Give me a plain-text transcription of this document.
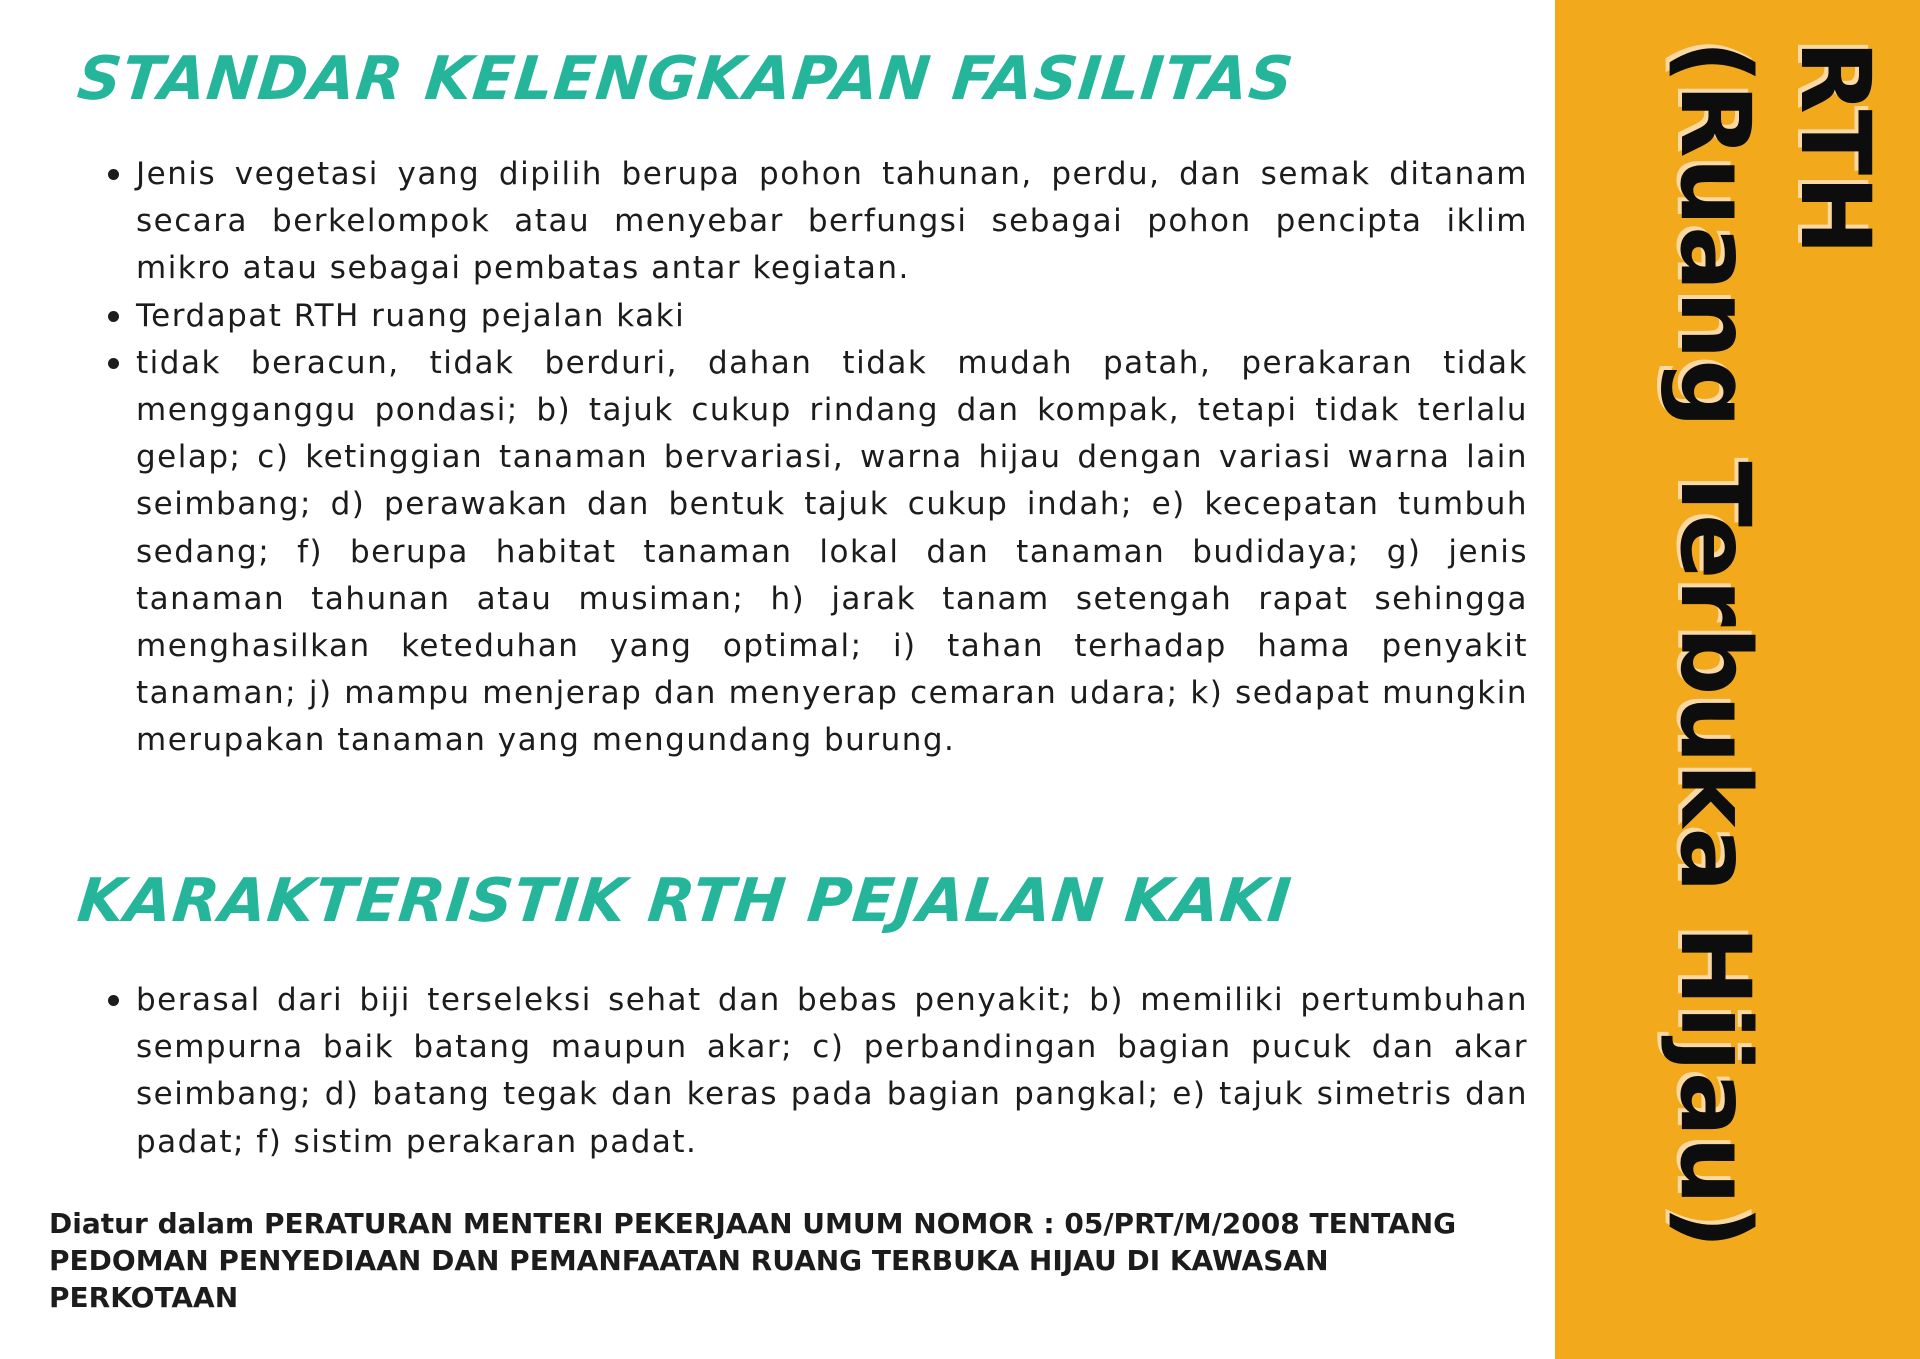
STANDAR KELENGKAPAN FASILITAS
Jenis vegetasi yang dipilih berupa pohon tahunan, perdu, dan semak ditanam secara berkelompok atau menyebar berfungsi sebagai pohon pencipta iklim mikro atau sebagai pembatas antar kegiatan.
Terdapat RTH ruang pejalan kaki
tidak beracun, tidak berduri, dahan tidak mudah patah, perakaran tidak mengganggu pondasi; b) tajuk cukup rindang dan kompak, tetapi tidak terlalu gelap; c) ketinggian tanaman bervariasi, warna hijau dengan variasi warna lain seimbang; d) perawakan dan bentuk tajuk cukup indah; e) kecepatan tumbuh sedang; f) berupa habitat tanaman lokal dan tanaman budidaya; g) jenis tanaman tahunan atau musiman; h) jarak tanam setengah rapat sehingga menghasilkan keteduhan yang optimal; i) tahan terhadap hama penyakit tanaman; j) mampu menjerap dan menyerap cemaran udara; k) sedapat mungkin merupakan tanaman yang mengundang burung.
KARAKTERISTIK RTH PEJALAN KAKI
berasal dari biji terseleksi sehat dan bebas penyakit; b) memiliki pertumbuhan sempurna baik batang maupun akar; c) perbandingan bagian pucuk dan akar seimbang; d) batang tegak dan keras pada bagian pangkal; e) tajuk simetris dan padat; f) sistim perakaran padat.

Diatur dalam PERATURAN MENTERI PEKERJAAN UMUM NOMOR : 05/PRT/M/2008 TENTANG PEDOMAN PENYEDIAAN DAN PEMANFAATAN RUANG TERBUKA HIJAU DI KAWASAN PERKOTAAN

RTH
(Ruang Terbuka Hijau)
